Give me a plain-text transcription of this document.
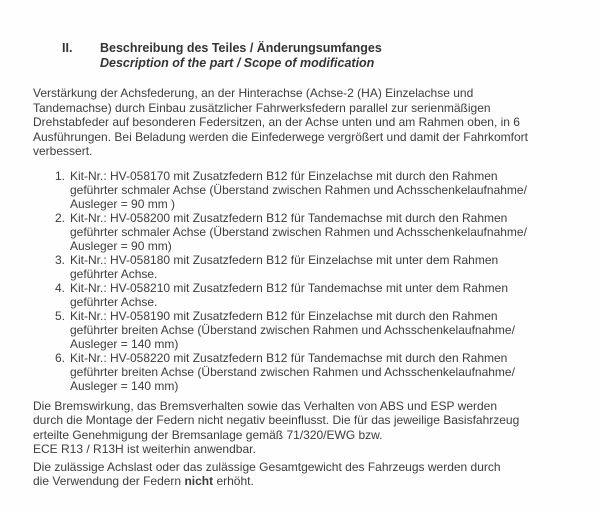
II.	Beschreibung des Teiles / Änderungsumfanges
Description of the part / Scope of modification
Verstärkung der Achsfederung, an der Hinterachse (Achse-2 (HA) Einzelachse und
Tandemachse) durch Einbau zusätzlicher Fahrwerksfedern parallel zur serienmäßigen
Drehstabfeder auf besonderen Federsitzen, an der Achse unten und am Rahmen oben, in 6
Ausführungen. Bei Beladung werden die Einfederwege vergrößert und damit der Fahrkomfort
verbessert.
1. Kit-Nr.: HV-058170 mit Zusatzfedern B12 für Einzelachse mit durch den Rahmen
geführter schmaler Achse (Überstand zwischen Rahmen und Achsschenkelaufnahme/
Ausleger = 90 mm )
2. Kit-Nr.: HV-058200 mit Zusatzfedern B12 für Tandemachse mit durch den Rahmen
geführter schmaler Achse (Überstand zwischen Rahmen und Achsschenkelaufnahme/
Ausleger = 90 mm)
3. Kit-Nr.: HV-058180 mit Zusatzfedern B12 für Einzelachse mit unter dem Rahmen
geführter Achse.
4. Kit-Nr.: HV-058210 mit Zusatzfedern B12 für Tandemachse mit unter dem Rahmen
geführter Achse.
5. Kit-Nr.: HV-058190 mit Zusatzfedern B12 für Einzelachse mit durch den Rahmen
geführter breiten Achse (Überstand zwischen Rahmen und Achsschenkelaufnahme/
Ausleger = 140 mm)
6. Kit-Nr.: HV-058220 mit Zusatzfedern B12 für Tandemachse mit durch den Rahmen
geführter breiten Achse (Überstand zwischen Rahmen und Achsschenkelaufnahme/
Ausleger = 140 mm)
Die Bremswirkung, das Bremsverhalten sowie das Verhalten von ABS und ESP werden
durch die Montage der Federn nicht negativ beeinflusst. Die für das jeweilige Basisfahrzeug
erteilte Genehmigung der Bremsanlage gemäß 71/320/EWG bzw.
ECE R13 / R13H ist weiterhin anwendbar.
Die zulässige Achslast oder das zulässige Gesamtgewicht des Fahrzeugs werden durch
die Verwendung der Federn nicht erhöht.
